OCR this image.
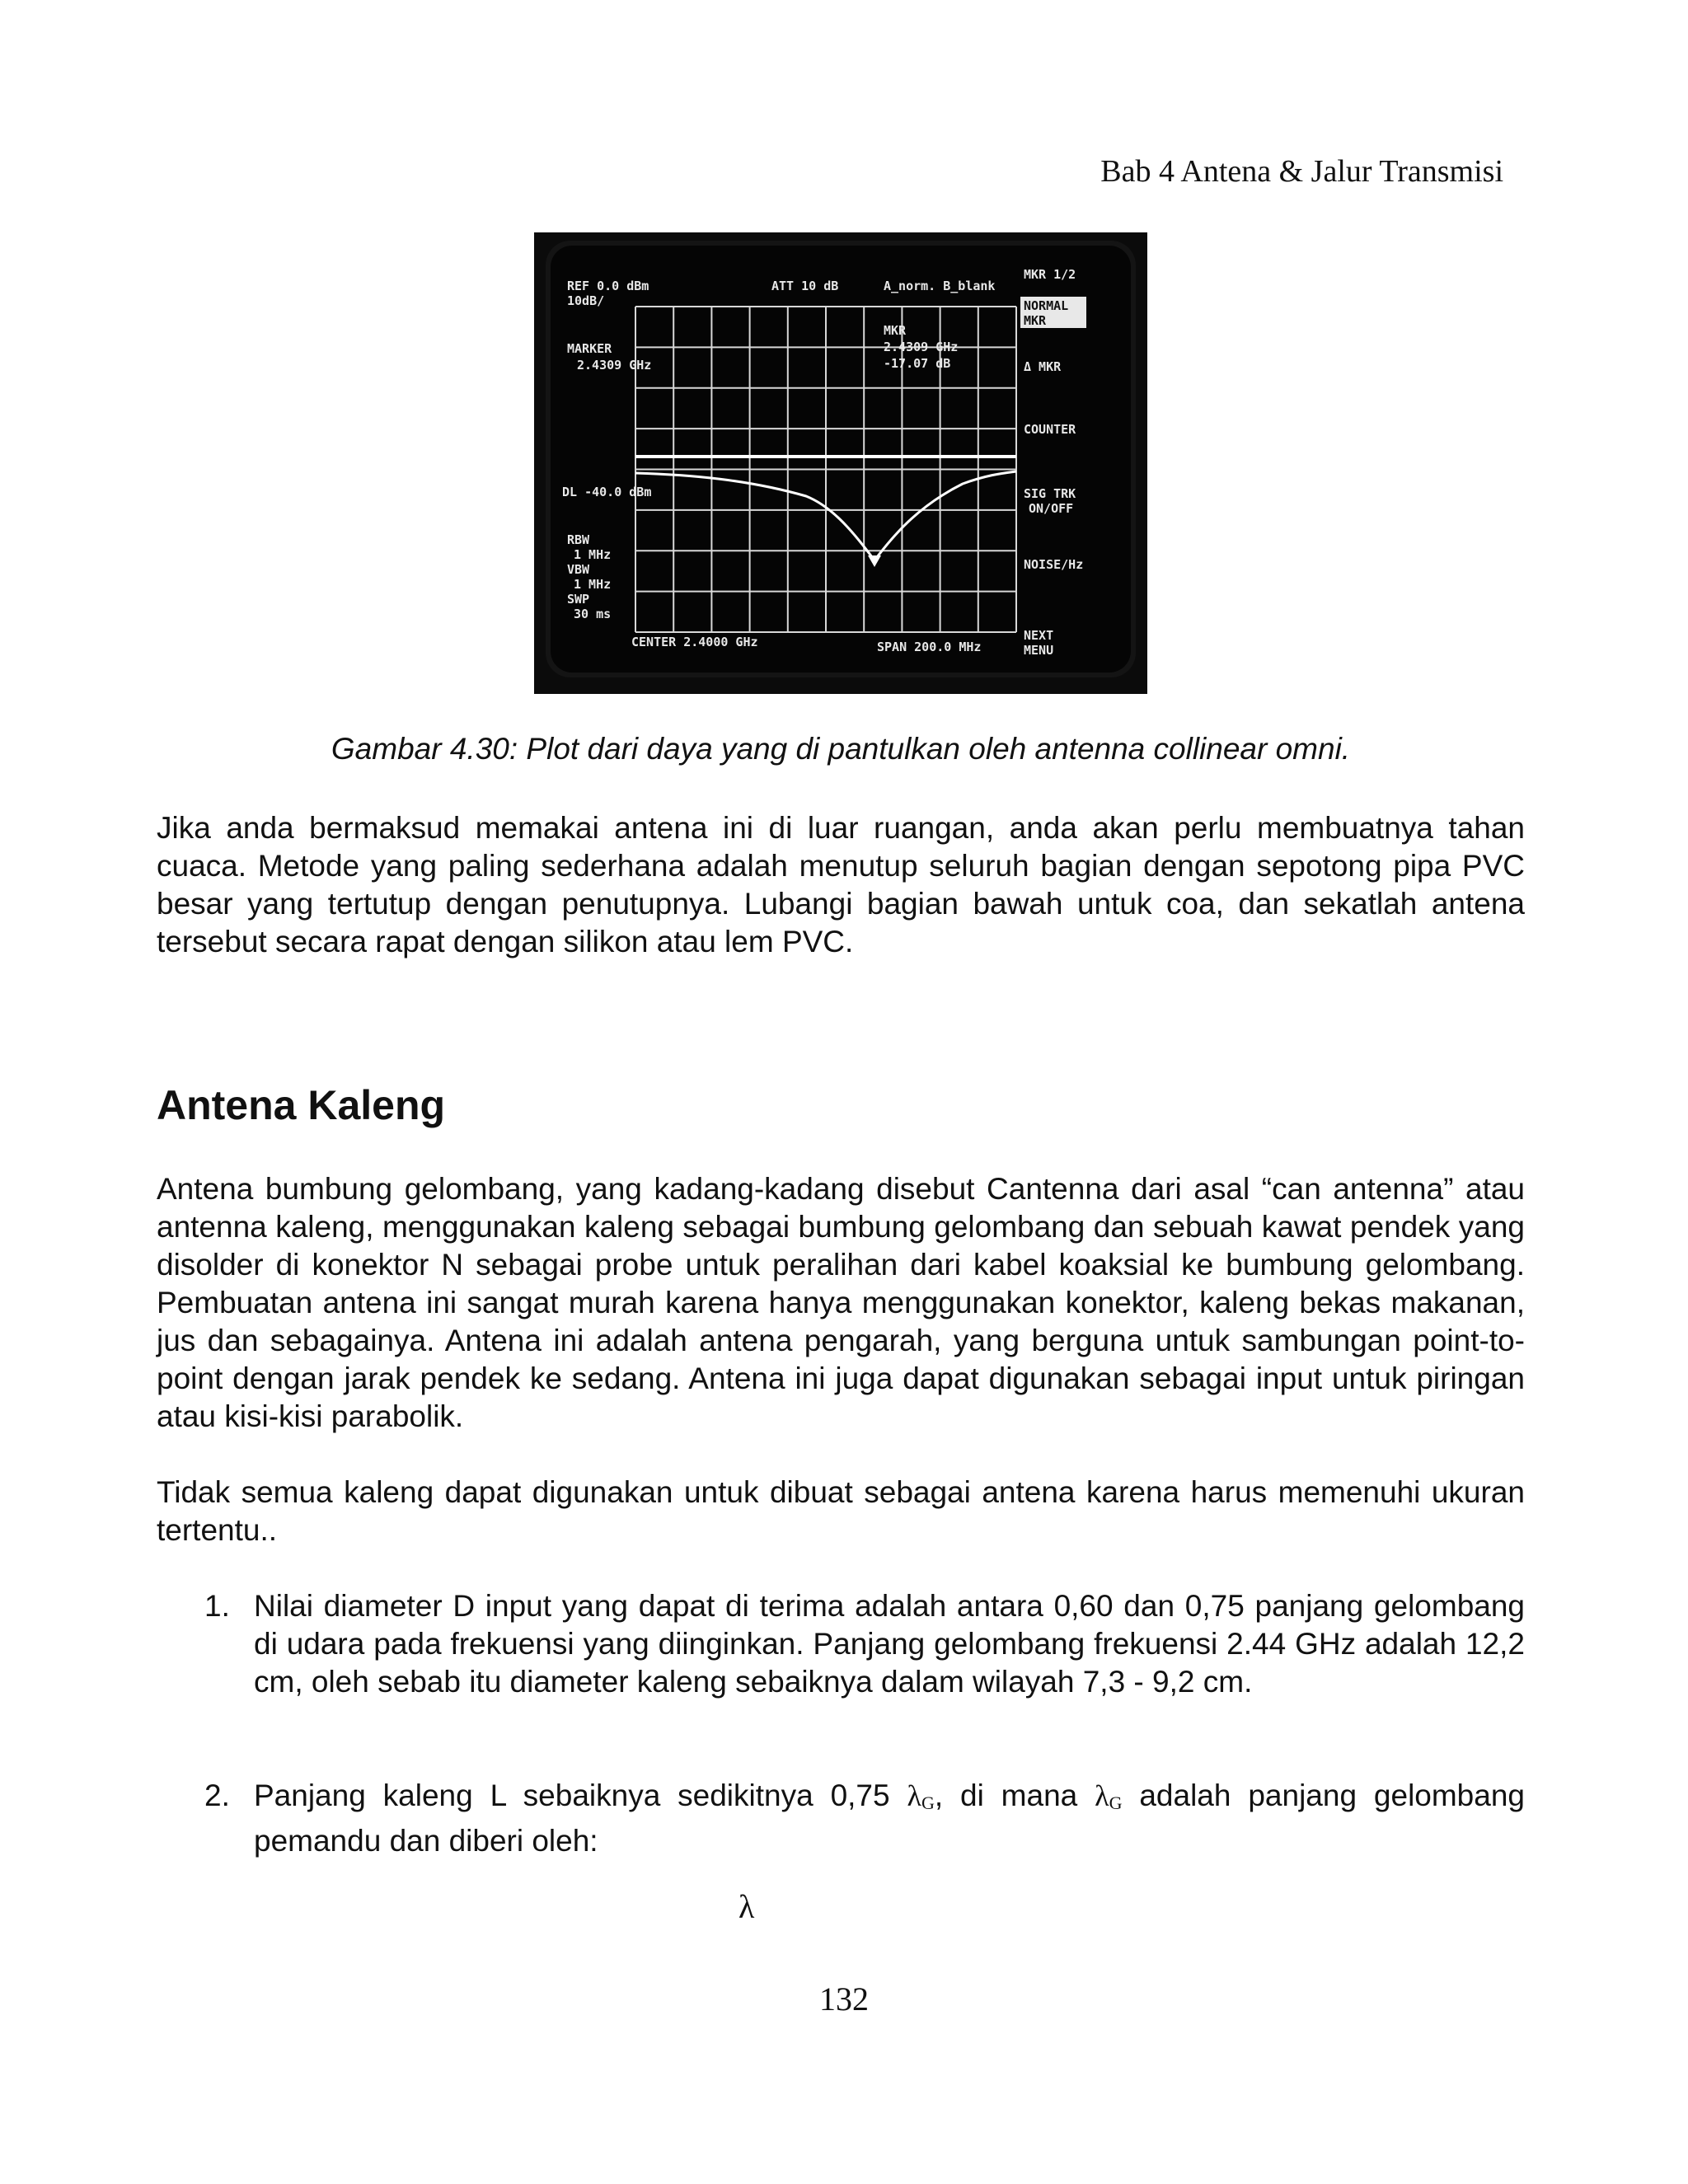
Bab 4 Antena & Jalur Transmisi
REF 0.0 dBm
10dB/
ATT 10 dB	A_norm. B_blank
MARKER
2.4309 GHz
MKR
2.4309 GHz
-17.07 dB
DL -40.0 dBm
RBW
1 MHz
VBW
1 MHz
SWP
30 ms
CENTER 2.4000 GHz	SPAN 200.0 MHz
MKR 1/2
NORMAL
MKR
Δ MKR
COUNTER
SIG TRK
ON/OFF
NOISE/Hz
NEXT
MENU
Gambar 4.30: Plot dari daya yang di pantulkan oleh antenna collinear omni.

Jika anda bermaksud memakai antena ini di luar ruangan, anda akan perlu membuatnya tahan cuaca. Metode yang paling sederhana adalah menutup seluruh bagian dengan sepotong pipa PVC besar yang tertutup dengan penutupnya. Lubangi bagian bawah untuk coa, dan sekatlah antena tersebut secara rapat dengan silikon atau lem PVC.

Antena Kaleng

Antena bumbung gelombang, yang kadang-kadang disebut Cantenna dari asal “can antenna” atau antenna kaleng, menggunakan kaleng sebagai bumbung gelombang dan sebuah kawat pendek yang disolder di konektor N sebagai probe untuk peralihan dari kabel koaksial ke bumbung gelombang. Pembuatan antena ini sangat murah karena hanya menggunakan konektor, kaleng bekas makanan, jus dan sebagainya. Antena ini adalah antena pengarah, yang berguna untuk sambungan point-to-point dengan jarak pendek ke sedang. Antena ini juga dapat digunakan sebagai input untuk piringan atau kisi-kisi parabolik.

Tidak semua kaleng dapat digunakan untuk dibuat sebagai antena karena harus memenuhi ukuran tertentu..

1. Nilai diameter D input yang dapat di terima adalah antara 0,60 dan 0,75 panjang gelombang di udara pada frekuensi yang diinginkan. Panjang gelombang frekuensi 2.44 GHz adalah 12,2 cm, oleh sebab itu diameter kaleng sebaiknya dalam wilayah 7,3 - 9,2 cm.
2. Panjang kaleng L sebaiknya sedikitnya 0,75 λG, di mana λG adalah panjang gelombang pemandu dan diberi oleh:
λ
132
